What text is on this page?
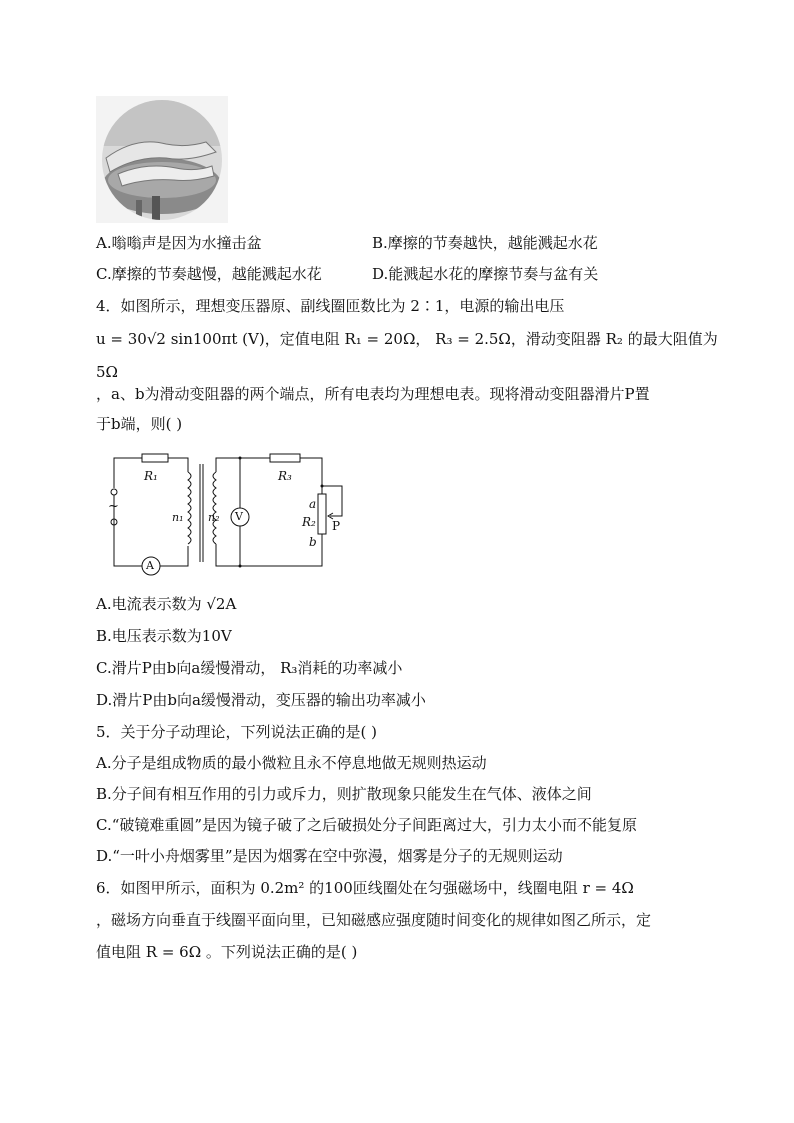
A.嗡嗡声是因为水撞击盆	B.摩擦的节奏越快，越能溅起水花
C.摩擦的节奏越慢，越能溅起水花	D.能溅起水花的摩擦节奏与盆有关
4．如图所示，理想变压器原、副线圈匝数比为 2∶1，电源的输出电压
u = 30√2 sin100πt (V)，定值电阻 R₁ = 20Ω， R₃ = 2.5Ω，滑动变阻器 R₂ 的最大阻值为
5Ω
，a、b为滑动变阻器的两个端点，所有电表均为理想电表。现将滑动变阻器滑片P置
于b端，则( )
R₁	R₃
R₂
n₁ n₂ V
A
a
b
P
~
A.电流表示数为 √2A
B.电压表示数为10V
C.滑片P由b向a缓慢滑动， R₃消耗的功率减小
D.滑片P由b向a缓慢滑动，变压器的输出功率减小
5．关于分子动理论，下列说法正确的是( )
A.分子是组成物质的最小微粒且永不停息地做无规则热运动
B.分子间有相互作用的引力或斥力，则扩散现象只能发生在气体、液体之间
C.“破镜难重圆”是因为镜子破了之后破损处分子间距离过大，引力太小而不能复原
D.“一叶小舟烟雾里”是因为烟雾在空中弥漫，烟雾是分子的无规则运动
6．如图甲所示，面积为 0.2m² 的100匝线圈处在匀强磁场中，线圈电阻 r = 4Ω
，磁场方向垂直于线圈平面向里，已知磁感应强度随时间变化的规律如图乙所示，定
值电阻 R = 6Ω 。下列说法正确的是( )
